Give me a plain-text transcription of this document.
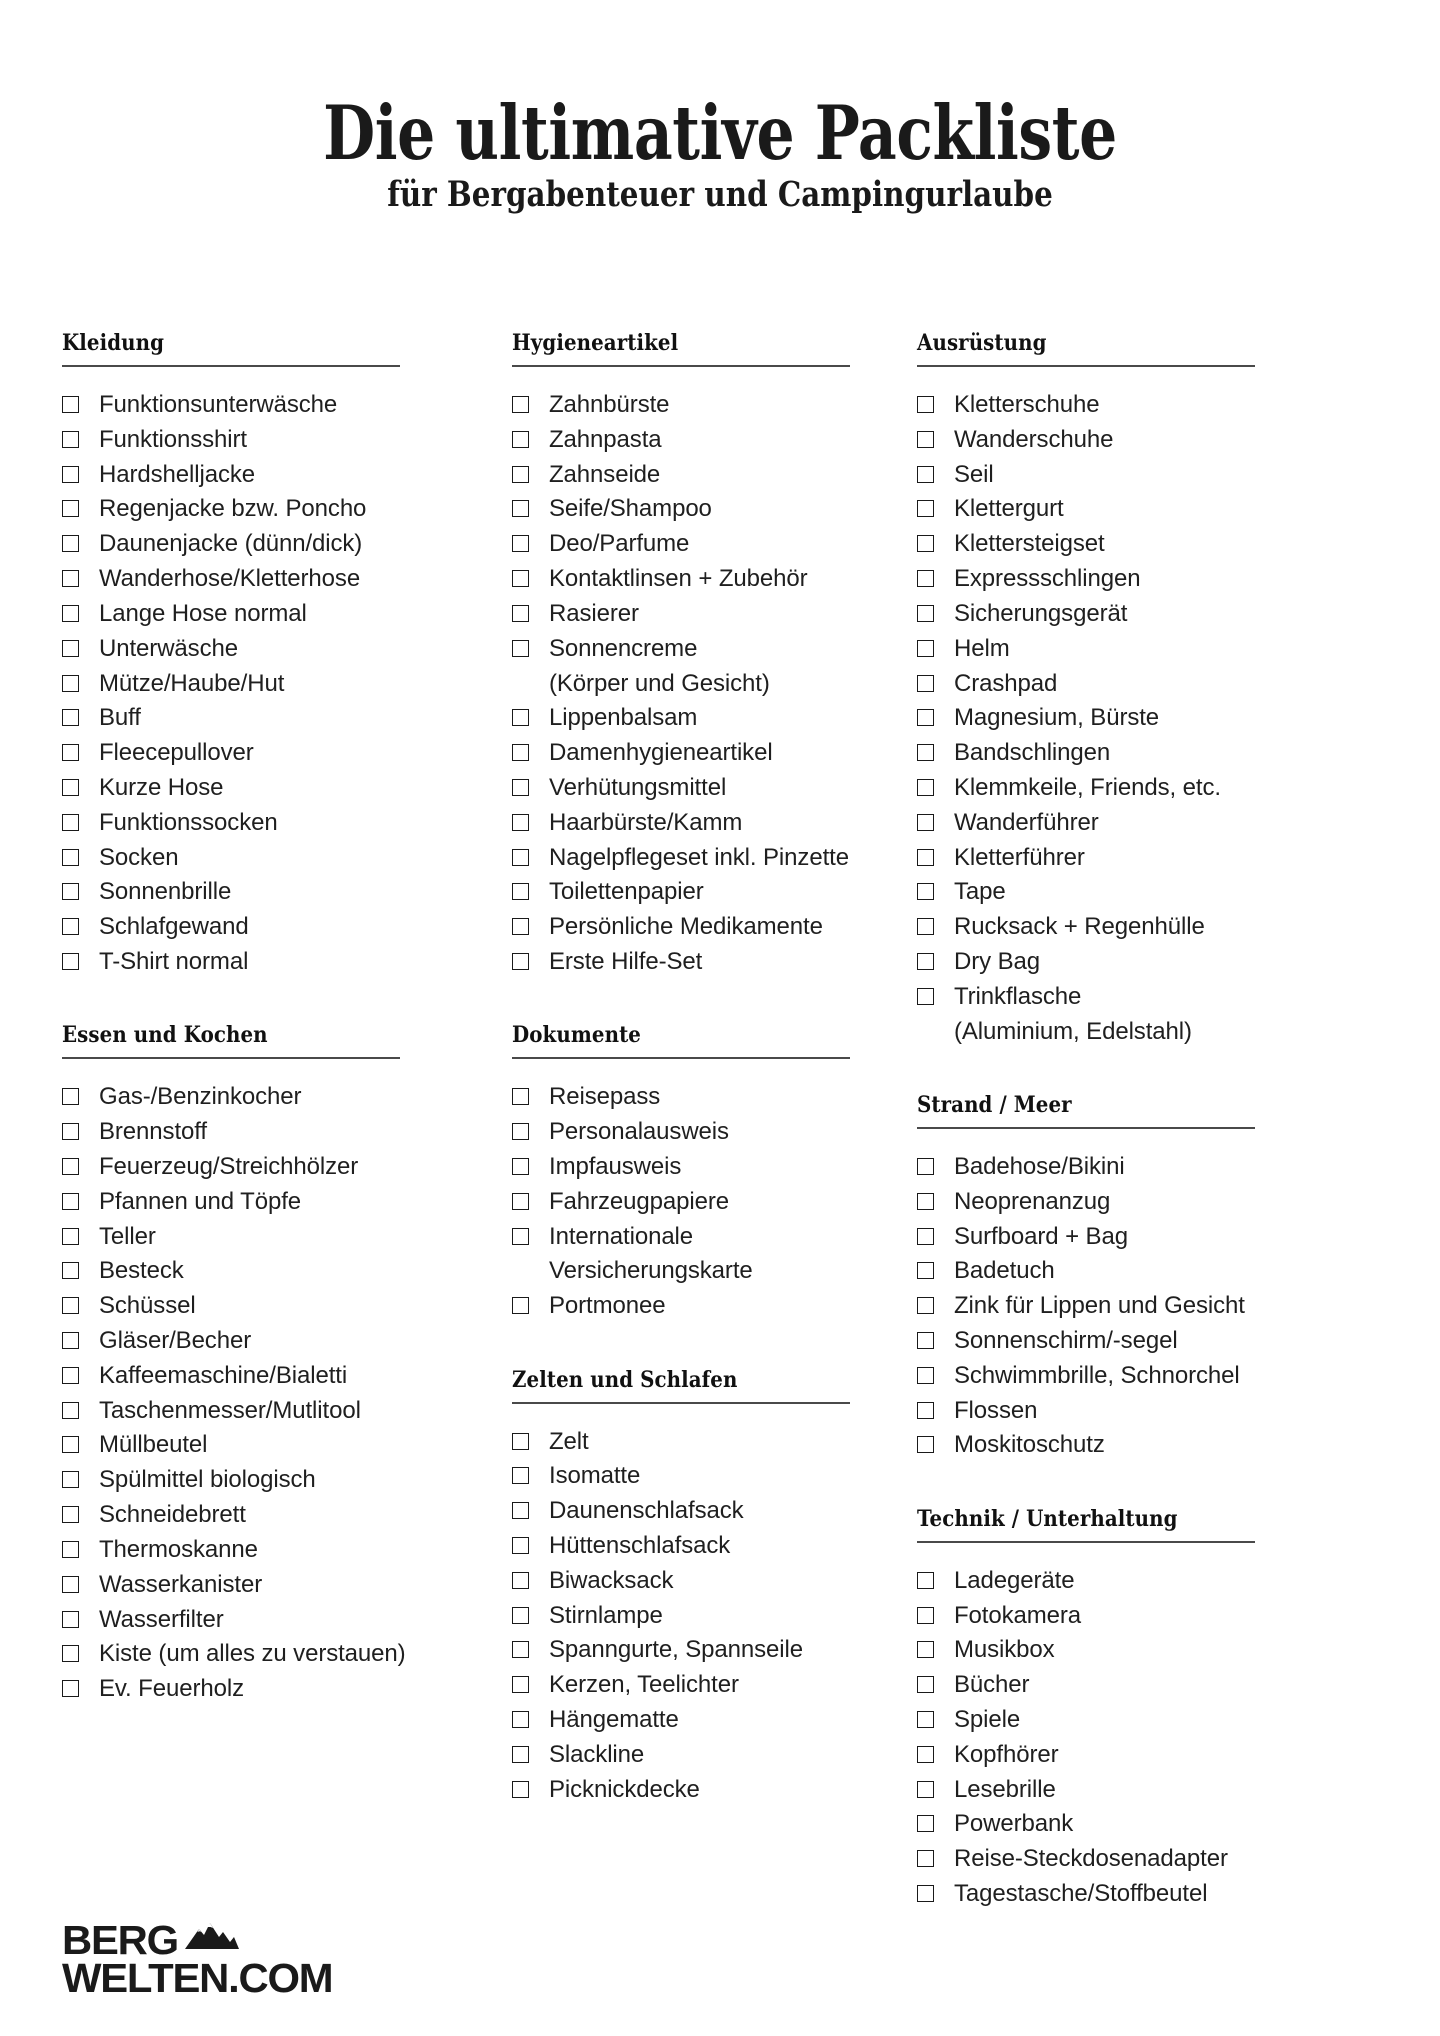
Die ultimative Packliste
für Bergabenteuer und Campingurlaube
Kleidung
Funktionsunterwäsche
Funktionsshirt
Hardshelljacke
Regenjacke bzw. Poncho
Daunenjacke (dünn/dick)
Wanderhose/Kletterhose
Lange Hose normal
Unterwäsche
Mütze/Haube/Hut
Buff
Fleecepullover
Kurze Hose
Funktionssocken
Socken
Sonnenbrille
Schlafgewand
T-Shirt normal
Essen und Kochen
Gas-/Benzinkocher
Brennstoff
Feuerzeug/Streichhölzer
Pfannen und Töpfe
Teller
Besteck
Schüssel
Gläser/Becher
Kaffeemaschine/Bialetti
Taschenmesser/Mutlitool
Müllbeutel
Spülmittel biologisch
Schneidebrett
Thermoskanne
Wasserkanister
Wasserfilter
Kiste (um alles zu verstauen)
Ev. Feuerholz
Hygieneartikel
Zahnbürste
Zahnpasta
Zahnseide
Seife/Shampoo
Deo/Parfume
Kontaktlinsen + Zubehör
Rasierer
Sonnencreme
(Körper und Gesicht)
Lippenbalsam
Damenhygieneartikel
Verhütungsmittel
Haarbürste/Kamm
Nagelpflegeset inkl. Pinzette
Toilettenpapier
Persönliche Medikamente
Erste Hilfe-Set
Dokumente
Reisepass
Personalausweis
Impfausweis
Fahrzeugpapiere
Internationale
Versicherungskarte
Portmonee
Zelten und Schlafen
Zelt
Isomatte
Daunenschlafsack
Hüttenschlafsack
Biwacksack
Stirnlampe
Spanngurte, Spannseile
Kerzen, Teelichter
Hängematte
Slackline
Picknickdecke
Ausrüstung
Kletterschuhe
Wanderschuhe
Seil
Klettergurt
Klettersteigset
Expressschlingen
Sicherungsgerät
Helm
Crashpad
Magnesium, Bürste
Bandschlingen
Klemmkeile, Friends, etc.
Wanderführer
Kletterführer
Tape
Rucksack + Regenhülle
Dry Bag
Trinkflasche
(Aluminium, Edelstahl)
Strand / Meer
Badehose/Bikini
Neoprenanzug
Surfboard + Bag
Badetuch
Zink für Lippen und Gesicht
Sonnenschirm/-segel
Schwimmbrille, Schnorchel
Flossen
Moskitoschutz
Technik / Unterhaltung
Ladegeräte
Fotokamera
Musikbox
Bücher
Spiele
Kopfhörer
Lesebrille
Powerbank
Reise-Steckdosenadapter
Tagestasche/Stoffbeutel
BERG
WELTEN.COM
